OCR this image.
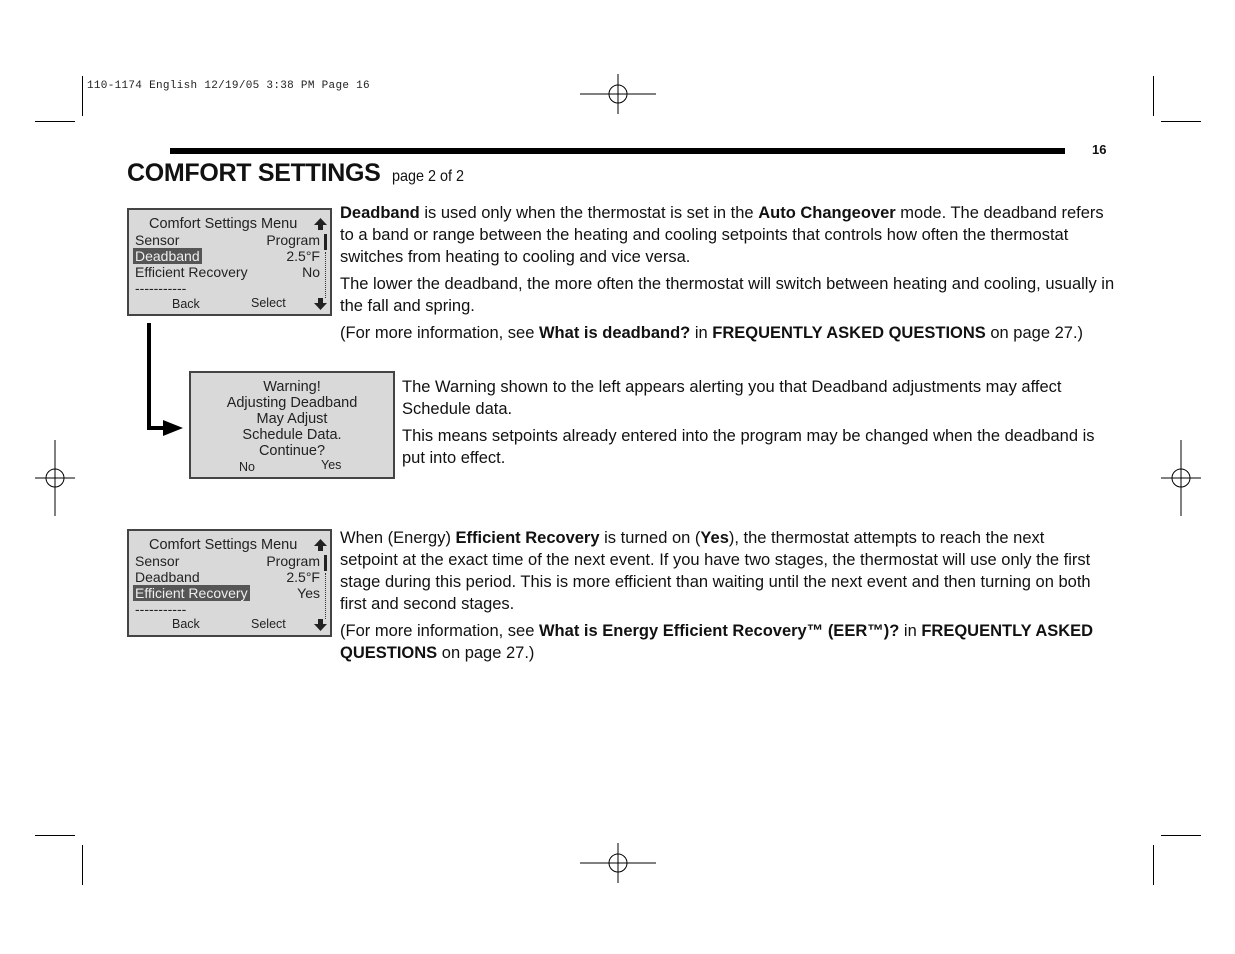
110-1174 English 12/19/05 3:38 PM Page 16
16
COMFORT SETTINGS page 2 of 2
Comfort Settings Menu
Sensor	Program
Deadband	2.5°F
Efficient Recovery	No
-----------
Back	Select
Warning!
Adjusting Deadband
May Adjust
Schedule Data.
Continue?
No	Yes
Comfort Settings Menu
Sensor	Program
Deadband	2.5°F
Efficient Recovery	Yes
-----------
Back	Select

Deadband is used only when the thermostat is set in the Auto Changeover mode. The deadband refers to a band or range between the heating and cooling setpoints that controls how often the thermostat switches from heating to cooling and vice versa.

The lower the deadband, the more often the thermostat will switch between heating and cooling, usually in the fall and spring.

(For more information, see What is deadband? in FREQUENTLY ASKED QUESTIONS on page 27.)

The Warning shown to the left appears alerting you that Deadband adjustments may affect Schedule data.

This means setpoints already entered into the program may be changed when the deadband is put into effect.

When (Energy) Efficient Recovery is turned on (Yes), the thermostat attempts to reach the next setpoint at the exact time of the next event. If you have two stages, the thermostat will use only the first stage during this period. This is more efficient than waiting until the next event and then turning on both first and second stages.

(For more information, see What is Energy Efficient Recovery™ (EER™)? in FREQUENTLY ASKED QUESTIONS on page 27.)
